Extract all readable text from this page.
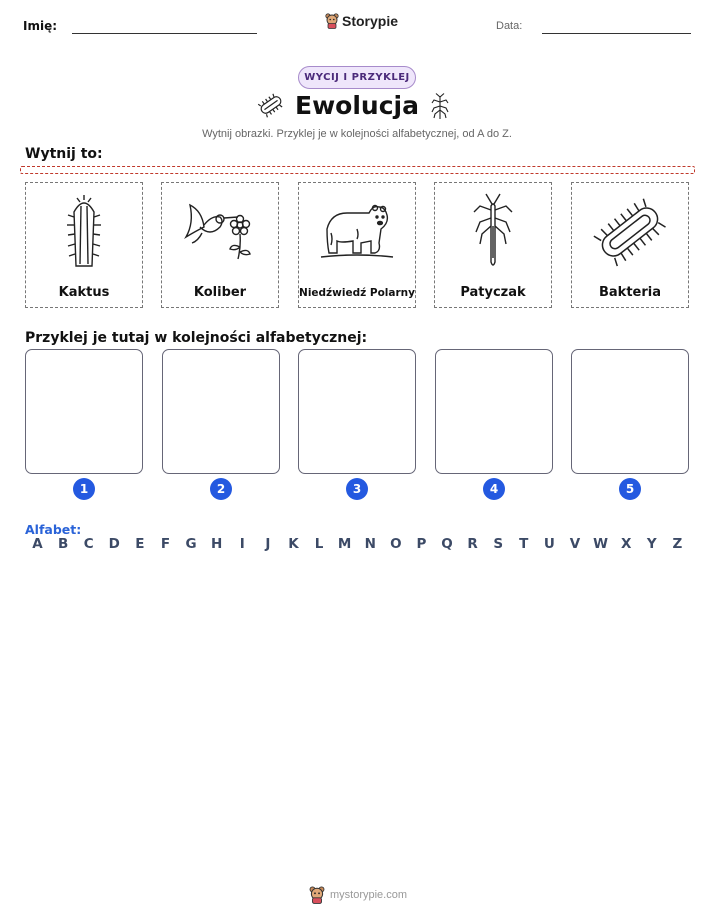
Imię:	Storypie	Data:
WYCIJ I PRZYKLEJ
Ewolucja
Wytnij obrazki. Przyklej je w kolejności alfabetycznej, od A do Z.
Wytnij to:
Kaktus	Koliber	Niedźwiedź Polarny	Patyczak	Bakteria
Przyklej je tutaj w kolejności alfabetycznej:
1	2	3	4	5
Alfabet:
A	B	C	D	E	F	G	H	I	J	K	L	M N	O	P	Q	R	S	T	U	V W X	Y	Z
mystorypie.com
